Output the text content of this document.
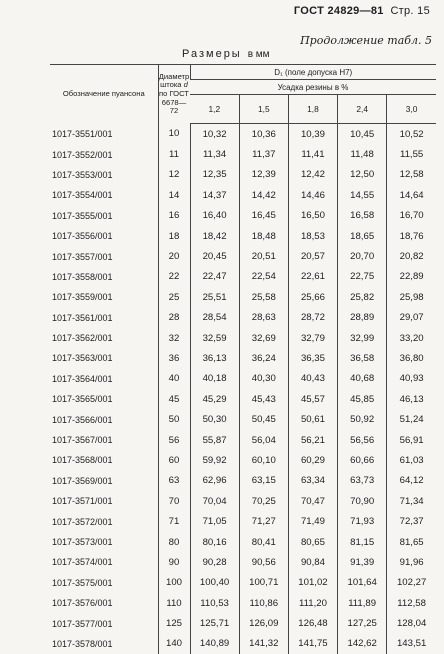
ГОСТ 24829—81 Стр. 15
Продолжение табл. 5
Размеры в мм
Обозначение пуансона	Диаметр
штока d
по ГОСТ
6678—72	D₁ (поле допуска H7)				
		Усадка резины в %				
		1,2	1,5	1,8	2,4	3,0
1017-3551/001	10	10,32	10,36	10,39	10,45	10,52
1017-3552/001	11	11,34	11,37	11,41	11,48	11,55
1017-3553/001	12	12,35	12,39	12,42	12,50	12,58
1017-3554/001	14	14,37	14,42	14,46	14,55	14,64
1017-3555/001	16	16,40	16,45	16,50	16,58	16,70
1017-3556/001	18	18,42	18,48	18,53	18,65	18,76
1017-3557/001	20	20,45	20,51	20,57	20,70	20,82
1017-3558/001	22	22,47	22,54	22,61	22,75	22,89
1017-3559/001	25	25,51	25,58	25,66	25,82	25,98
1017-3561/001	28	28,54	28,63	28,72	28,89	29,07
1017-3562/001	32	32,59	32,69	32,79	32,99	33,20
1017-3563/001	36	36,13	36,24	36,35	36,58	36,80
1017-3564/001	40	40,18	40,30	40,43	40,68	40,93
1017-3565/001	45	45,29	45,43	45,57	45,85	46,13
1017-3566/001	50	50,30	50,45	50,61	50,92	51,24
1017-3567/001	56	55,87	56,04	56,21	56,56	56,91
1017-3568/001	60	59,92	60,10	60,29	60,66	61,03
1017-3569/001	63	62,96	63,15	63,34	63,73	64,12
1017-3571/001	70	70,04	70,25	70,47	70,90	71,34
1017-3572/001	71	71,05	71,27	71,49	71,93	72,37
1017-3573/001	80	80,16	80,41	80,65	81,15	81,65
1017-3574/001	90	90,28	90,56	90,84	91,39	91,96
1017-3575/001	100	100,40	100,71	101,02	101,64	102,27
1017-3576/001	110	110,53	110,86	111,20	111,89	112,58
1017-3577/001	125	125,71	126,09	126,48	127,25	128,04
1017-3578/001	140	140,89	141,32	141,75	142,62	143,51
